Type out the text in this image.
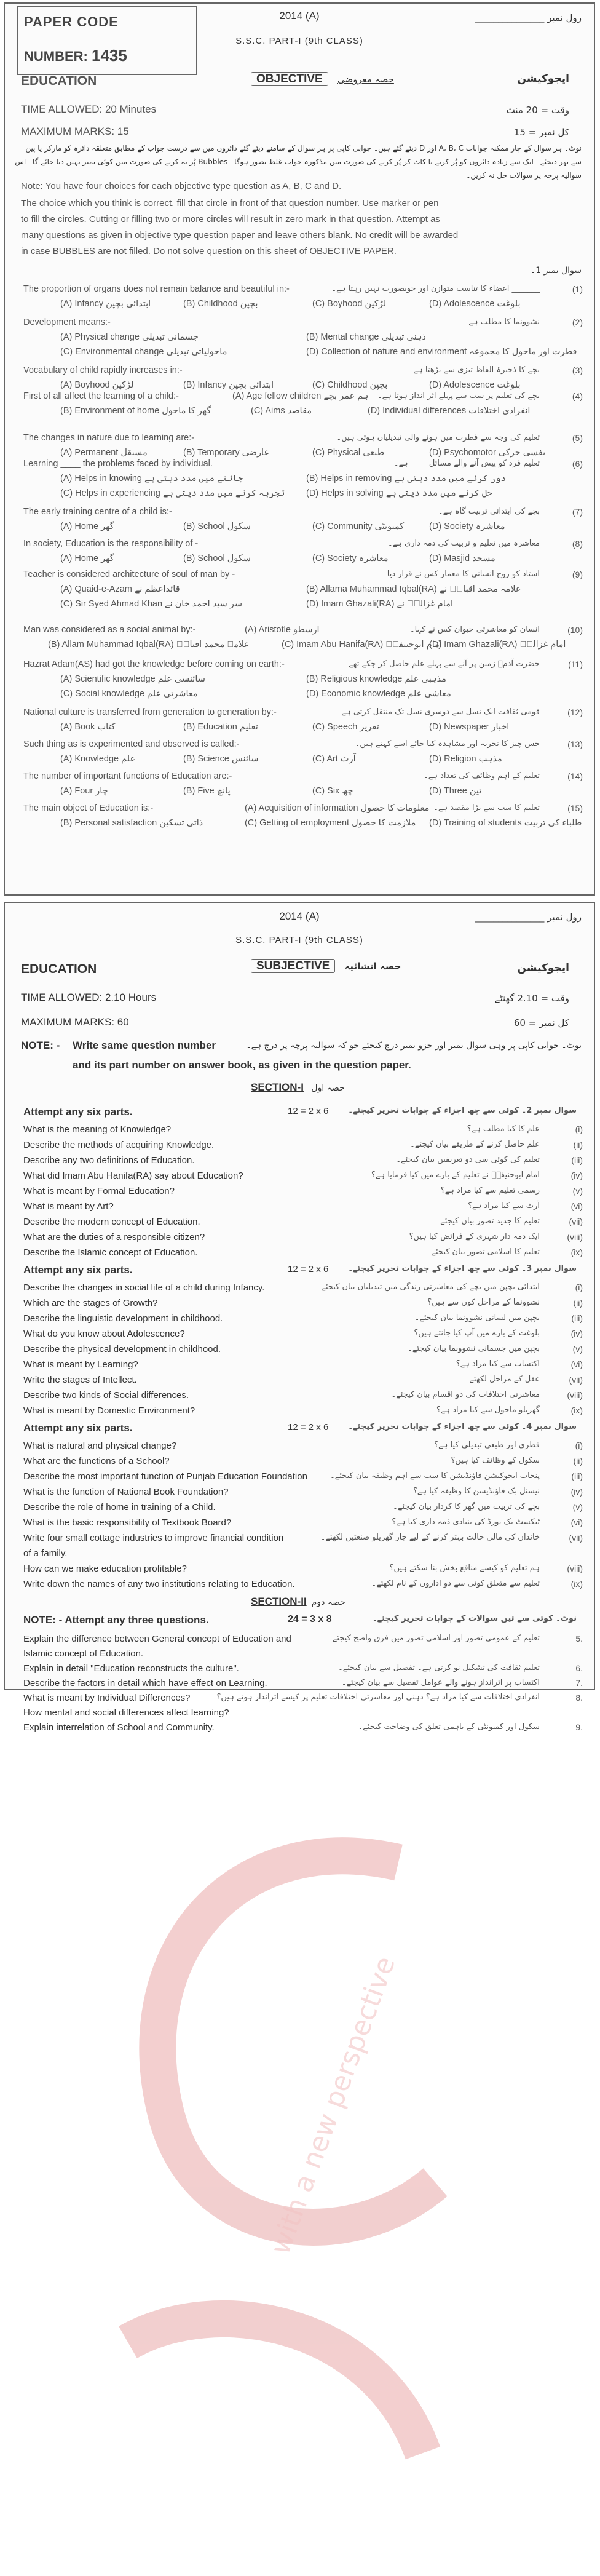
PAPER CODE
NUMBER: 1435
2014 (A)
S.S.C. PART-I (9th CLASS)
رول نمبر _______________
EDUCATION	OBJECTIVE حصہ معروضی	ایجوکیشن
TIME ALLOWED: 20 Minutes	وقت = 20 منٹ
MAXIMUM MARKS: 15	کل نمبر = 15
نوٹ۔ ہر سوال کے چار ممکنہ جوابات A، B، C اور D دیئے گئے ہیں۔ جوابی کاپی پر ہر سوال کے سامنے دیئے گئے دائروں میں سے درست جواب کے مطابق متعلقہ دائرہ کو مارکر یا پین
سے بھر دیجئے۔ ایک سے زیادہ دائروں کو پُر کرنے یا کاٹ کر پُر کرنے کی صورت میں مذکورہ جواب غلط تصور ہوگا۔ Bubbles پُر نہ کرنے کی صورت میں کوئی نمبر نہیں دیا جائے گا۔ اس
سوالیہ پرچہ پر سوالات حل نہ کریں۔
Note: You have four choices for each objective type question as A, B, C and D.
The choice which you think is correct, fill that circle in front of that question number. Use marker or pen
to fill the circles. Cutting or filling two or more circles will result in zero mark in that question. Attempt as
many questions as given in objective type question paper and leave others blank. No credit will be awarded
in case BUBBLES are not filled. Do not solve question on this sheet of OBJECTIVE PAPER.
سوال نمبر 1۔
The proportion of organs does not remain balance and beautiful in:-	_______ اعضاء کا تناسب متوازن اور خوبصورت نہیں رہتا ہے۔	(1)
(A) Infancy ابتدائی بچپن	(B) Childhood بچپن	(C) Boyhood لڑکپن	(D) Adolescence بلوغت
Development means:-	نشوونما کا مطلب ہے۔	(2)
(A) Physical change جسمانی تبدیلی	(B) Mental change ذہنی تبدیلی
(C) Environmental change ماحولیاتی تبدیلی	(D) Collection of nature and environment فطرت اور ماحول کا مجموعہ
Vocabulary of child rapidly increases in:-	بچے کا ذخیرۂ الفاظ تیزی سے بڑھتا ہے۔	(3)
(A) Boyhood لڑکپن	(B) Infancy ابتدائی بچپن	(C) Childhood بچپن	(D) Adolescence بلوغت
First of all affect the learning of a child:-	بچے کی تعلیم پر سب سے پہلے اثر انداز ہوتا ہے۔	(4)
(A) Age fellow children ہم عمر بچے
(B) Environment of home گھر کا ماحول	(C) Aims مقاصد	(D) Individual differences انفرادی اختلافات
The changes in nature due to learning are:-	تعلیم کی وجہ سے فطرت میں ہونے والی تبدیلیاں ہوتی ہیں۔	(5)
(A) Permanent مستقل	(B) Temporary عارضی	(C) Physical طبعی	(D) Psychomotor نفسی حرکی
Learning ____ the problems faced by individual.	تعلیم فرد کو پیش آنے والے مسائل ____ ہے۔	(6)
(A) Helps in knowing جاننے میں مدد دیتی ہے	(B) Helps in removing دور کرنے میں مدد دیتی ہے
(C) Helps in experiencing تجربہ کرنے میں مدد دیتی ہے (D) Helps in solving حل کرنے میں مدد دیتی ہے
The early training centre of a child is:-	بچے کی ابتدائی تربیت گاہ ہے۔	(7)
(A) Home گھر	(B) School سکول	(C) Community کمیونٹی	(D) Society معاشرہ
In society, Education is the responsibility of -	معاشرہ میں تعلیم و تربیت کی ذمہ داری ہے۔	(8)
(A) Home گھر	(B) School سکول	(C) Society معاشرہ	(D) Masjid مسجد
Teacher is considered architecture of soul of man by -	استاد کو روح انسانی کا معمار کس نے قرار دیا۔	(9)
(A) Quaid-e-Azam قائداعظم نے	(B) Allama Muhammad Iqbal(RA) علامہ محمد اقبالؒ نے
(C) Sir Syed Ahmad Khan سر سید احمد خان نے	(D) Imam Ghazali(RA) امام غزالیؒ نے
Man was considered as a social animal by:-	انسان کو معاشرتی حیوان کس نے کہا۔	(10)
(A) Aristotle ارسطو
(B) Allam Muhammad Iqbal(RA) علامہ محمد اقبالؒ	(C) Imam Abu Hanifa(RA) امام ابوحنیفہؒ
(D) Imam Ghazali(RA) امام غزالیؒ
Hazrat Adam(AS) had got the knowledge before coming on earth:-	حضرت آدمؑ زمین پر آنے سے پہلے علم حاصل کر چکے تھے۔	(11)
(A) Scientific knowledge سائنسی علم	(B) Religious knowledge مذہبی علم
(C) Social knowledge معاشرتی علم	(D) Economic knowledge معاشی علم
National culture is transferred from generation to generation by:-	قومی ثقافت ایک نسل سے دوسری نسل تک منتقل کرتی ہے۔	(12)
(A) Book کتاب	(B) Education تعلیم	(C) Speech تقریر	(D) Newspaper اخبار
Such thing as is experimented and observed is called:-	جس چیز کا تجربہ اور مشاہدہ کیا جائے اسے کہتے ہیں۔	(13)
(A) Knowledge علم	(B) Science سائنس	(C) Art آرٹ	(D) Religion مذہب
The number of important functions of Education are:-	تعلیم کے اہم وظائف کی تعداد ہے۔	(14)
(A) Four چار	(B) Five پانچ	(C) Six چھ	(D) Three تین
The main object of Education is:-	تعلیم کا سب سے بڑا مقصد ہے۔	(15)
(A) Acquisition of information معلومات کا حصول
(B) Personal satisfaction ذاتی تسکین	(C) Getting of employment ملازمت کا حصول (D) Training of students طلباء کی تربیت
with a new perspective
2014 (A)
S.S.C. PART-I (9th CLASS)
رول نمبر _______________
EDUCATION	SUBJECTIVE حصہ انشائیہ	ایجوکیشن
TIME ALLOWED: 2.10 Hours	وقت = 2.10 گھنٹے
MAXIMUM MARKS: 60	کل نمبر = 60
NOTE: - Write same question number	نوٹ۔ جوابی کاپی پر وہی سوال نمبر اور جزو نمبر درج کیجئے جو کہ سوالیہ پرچہ پر درج ہے۔
and its part number on answer book, as given in the question paper.
SECTION-I حصہ اول
Attempt any six parts.	12 = 2 x 6 سوال نمبر 2۔ کوئی سے چھ اجزاء کے جوابات تحریر کیجئے۔
What is the meaning of Knowledge?	علم کا کیا مطلب ہے؟	(i)
Describe the methods of acquiring Knowledge.	علم حاصل کرنے کے طریقے بیان کیجئے۔	(ii)
Describe any two definitions of Education.	تعلیم کی کوئی سی دو تعریفیں بیان کیجئے۔	(iii)
What did Imam Abu Hanifa(RA) say about Education?	امام ابوحنیفہؒ نے تعلیم کے بارے میں کیا فرمایا ہے؟	(iv)
What is meant by Formal Education?	رسمی تعلیم سے کیا مراد ہے؟	(v)
What is meant by Art?	آرٹ سے کیا مراد ہے؟	(vi)
Describe the modern concept of Education.	تعلیم کا جدید تصور بیان کیجئے۔	(vii)
What are the duties of a responsible citizen?	ایک ذمہ دار شہری کے فرائض کیا ہیں؟	(viii)
Describe the Islamic concept of Education.	تعلیم کا اسلامی تصور بیان کیجئے۔	(ix)
Attempt any six parts.	12 = 2 x 6 سوال نمبر 3۔ کوئی سے چھ اجزاء کے جوابات تحریر کیجئے۔
Describe the changes in social life of a child during Infancy.	ابتدائی بچپن میں بچے کی معاشرتی زندگی میں تبدیلیاں بیان کیجئے۔	(i)
Which are the stages of Growth?	نشوونما کے مراحل کون سے ہیں؟	(ii)
Describe the linguistic development in childhood.	بچپن میں لسانی نشوونما بیان کیجئے۔	(iii)
What do you know about Adolescence?	بلوغت کے بارے میں آپ کیا جانتے ہیں؟	(iv)
Describe the physical development in childhood.	بچپن میں جسمانی نشوونما بیان کیجئے۔	(v)
What is meant by Learning?	اکتساب سے کیا مراد ہے؟	(vi)
Write the stages of Intellect.	عقل کے مراحل لکھئے۔	(vii)
Describe two kinds of Social differences.	معاشرتی اختلافات کی دو اقسام بیان کیجئے۔	(viii)
What is meant by Domestic Environment?	گھریلو ماحول سے کیا مراد ہے؟	(ix)
Attempt any six parts.	12 = 2 x 6 سوال نمبر 4۔ کوئی سے چھ اجزاء کے جوابات تحریر کیجئے۔
What is natural and physical change?	فطری اور طبعی تبدیلی کیا ہے؟	(i)
What are the functions of a School?	سکول کے وظائف کیا ہیں؟	(ii)
Describe the most important function of Punjab Education Foundation	پنجاب ایجوکیشن فاؤنڈیشن کا سب سے اہم وظیفہ بیان کیجئے۔	(iii)
What is the function of National Book Foundation?	نیشنل بک فاؤنڈیشن کا وظیفہ کیا ہے؟	(iv)
Describe the role of home in training of a Child.	بچے کی تربیت میں گھر کا کردار بیان کیجئے۔	(v)
What is the basic responsibility of Textbook Board?	ٹیکسٹ بک بورڈ کی بنیادی ذمہ داری کیا ہے؟	(vi)
Write four small cottage industries to improve financial condition	خاندان کی مالی حالت بہتر کرنے کے لیے چار گھریلو صنعتیں لکھئے۔	(vii)
of a family.
How can we make education profitable?	ہم تعلیم کو کیسے منافع بخش بنا سکتے ہیں؟	(viii)
Write down the names of any two institutions relating to Education.	تعلیم سے متعلق کوئی سے دو اداروں کے نام لکھئے۔	(ix)
SECTION-II حصہ دوم
NOTE: - Attempt any three questions.	24 = 3 x 8	نوٹ۔ کوئی سے تین سوالات کے جوابات تحریر کیجئے۔
Explain the difference between General concept of Education and	تعلیم کے عمومی تصور اور اسلامی تصور میں فرق واضح کیجئے۔	5.
Islamic concept of Education.
Explain in detail "Education reconstructs the culture".	تعلیم ثقافت کی تشکیل نو کرتی ہے۔ تفصیل سے بیان کیجئے۔	6.
Describe the factors in detail which have effect on Learning.	اکتساب پر اثرانداز ہونے والے عوامل تفصیل سے بیان کیجئے۔	7.
What is meant by Individual Differences?	انفرادی اختلافات سے کیا مراد ہے؟ ذہنی اور معاشرتی اختلافات تعلیم پر کیسے اثرانداز ہوتے ہیں؟	8.
How mental and social differences affect learning?
Explain interrelation of School and Community.	سکول اور کمیونٹی کے باہمی تعلق کی وضاحت کیجئے۔	9.
